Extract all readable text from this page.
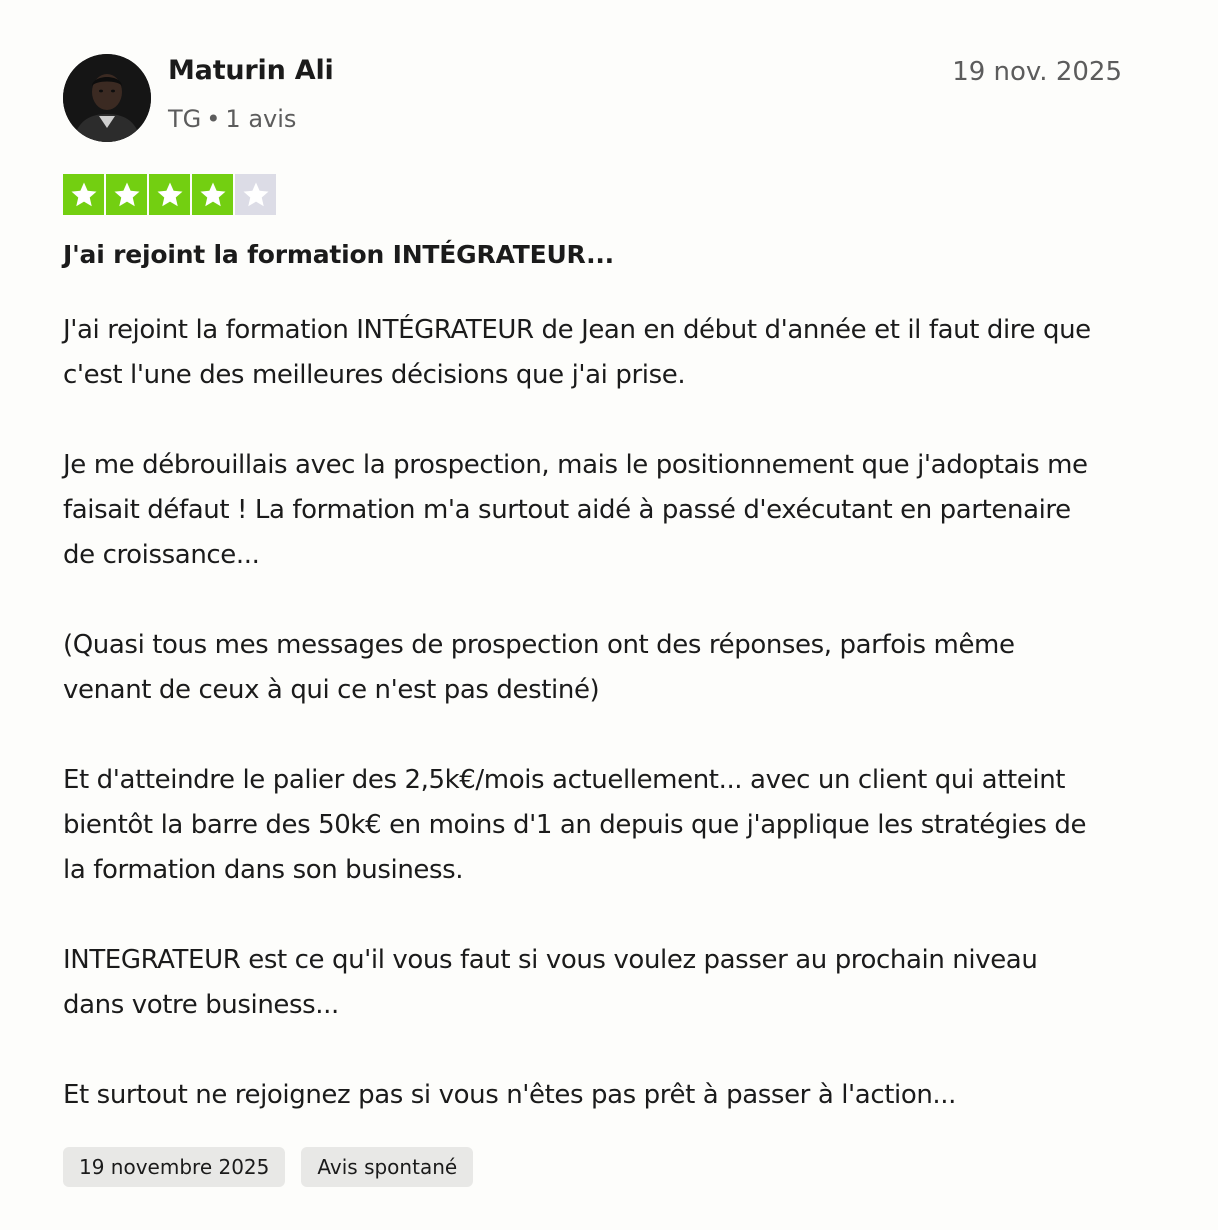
Maturin Ali
TG • 1 avis
19 nov. 2025
J'ai rejoint la formation INTÉGRATEUR...

J'ai rejoint la formation INTÉGRATEUR de Jean en début d'année et il faut dire que c'est l'une des meilleures décisions que j'ai prise.

Je me débrouillais avec la prospection, mais le positionnement que j'adoptais me faisait défaut ! La formation m'a surtout aidé à passé d'exécutant en partenaire de croissance...

(Quasi tous mes messages de prospection ont des réponses, parfois même venant de ceux à qui ce n'est pas destiné)

Et d'atteindre le palier des 2,5k€/mois actuellement... avec un client qui atteint bientôt la barre des 50k€ en moins d'1 an depuis que j'applique les stratégies de la formation dans son business.

INTEGRATEUR est ce qu'il vous faut si vous voulez passer au prochain niveau dans votre business...

Et surtout ne rejoignez pas si vous n'êtes pas prêt à passer à l'action...

19 novembre 2025	Avis spontané
